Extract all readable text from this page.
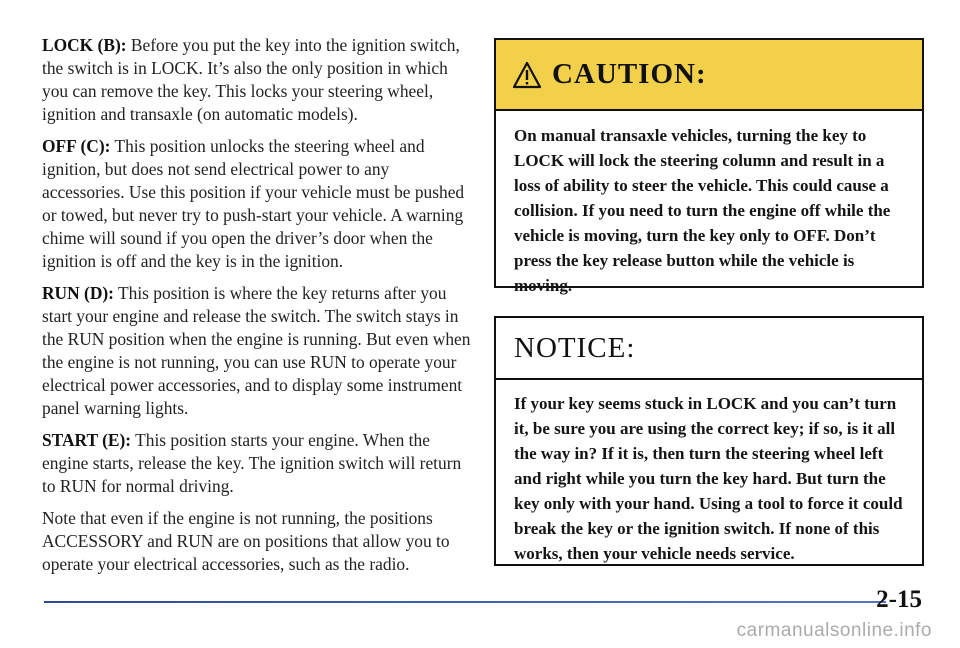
LOCK (B): Before you put the key into the ignition switch, the switch is in LOCK. It’s also the only position in which you can remove the key. This locks your steering wheel, ignition and transaxle (on automatic models).

OFF (C): This position unlocks the steering wheel and ignition, but does not send electrical power to any accessories. Use this position if your vehicle must be pushed or towed, but never try to push-start your vehicle. A warning chime will sound if you open the driver’s door when the ignition is off and the key is in the ignition.

RUN (D): This position is where the key returns after you start your engine and release the switch. The switch stays in the RUN position when the engine is running. But even when the engine is not running, you can use RUN to operate your electrical power accessories, and to display some instrument panel warning lights.

START (E): This position starts your engine. When the engine starts, release the key. The ignition switch will return to RUN for normal driving.

Note that even if the engine is not running, the positions ACCESSORY and RUN are on positions that allow you to operate your electrical accessories, such as the radio.

CAUTION:
On manual transaxle vehicles, turning the key to LOCK will lock the steering column and result in a loss of ability to steer the vehicle. This could cause a collision. If you need to turn the engine off while the vehicle is moving, turn the key only to OFF. Don’t press the key release button while the vehicle is moving.
NOTICE:
If your key seems stuck in LOCK and you can’t turn it, be sure you are using the correct key; if so, is it all the way in? If it is, then turn the steering wheel left and right while you turn the key hard. But turn the key only with your hand. Using a tool to force it could break the key or the ignition switch. If none of this works, then your vehicle needs service.
2-15
carmanualsonline.info
